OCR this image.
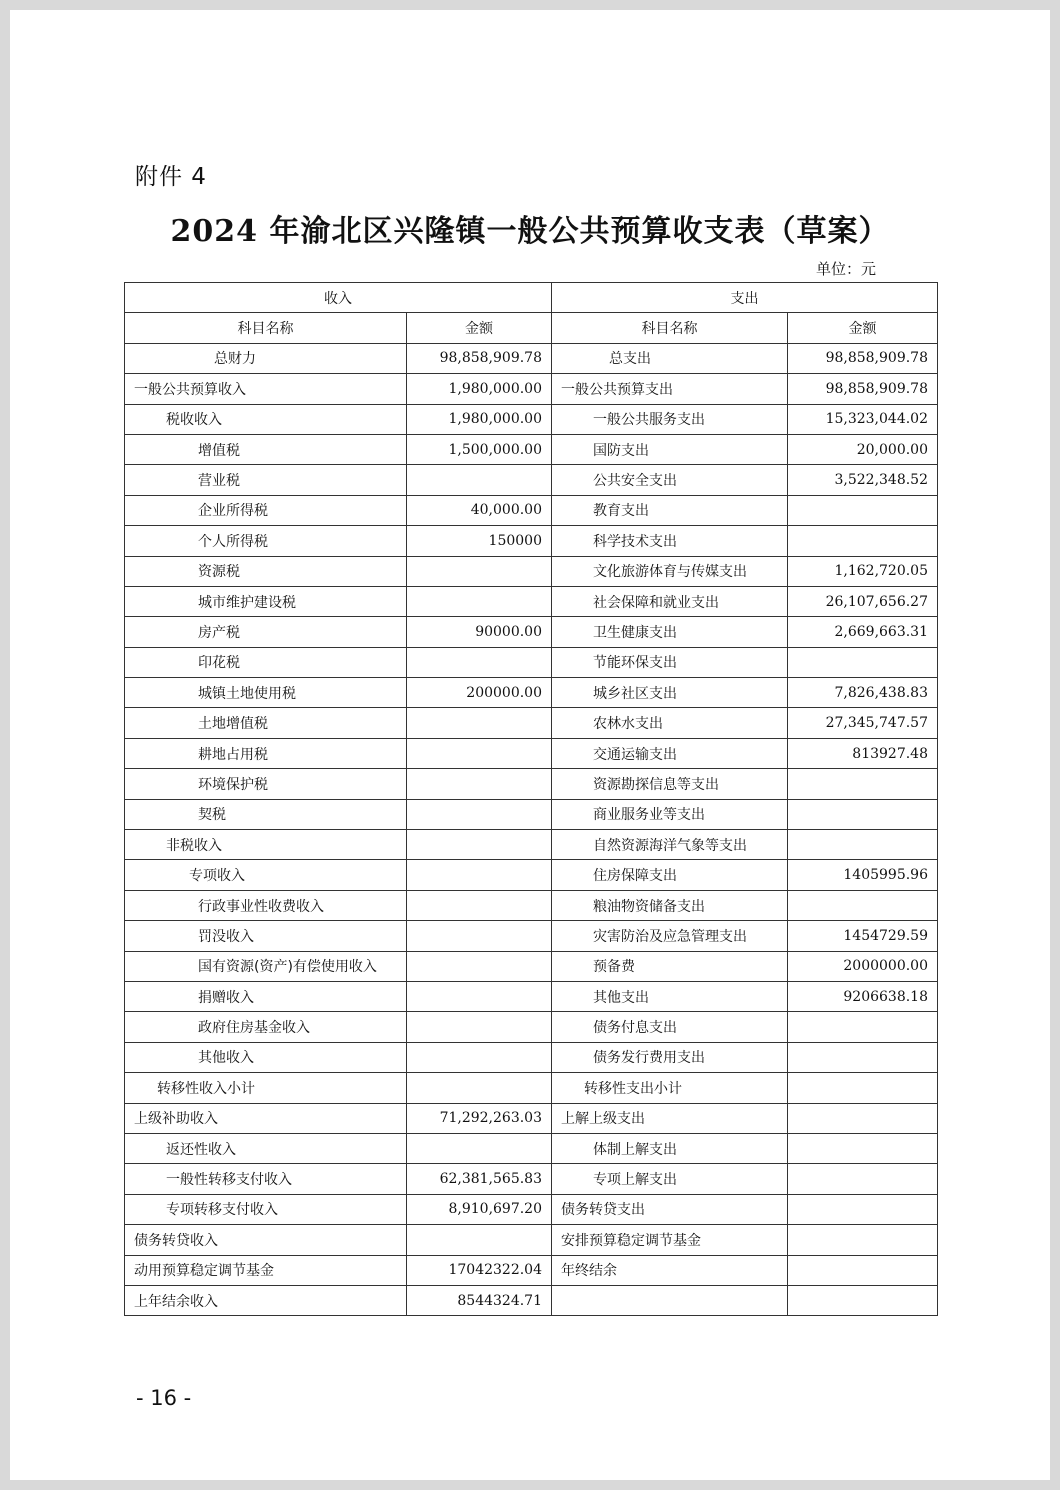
附件 4
2024 年渝北区兴隆镇一般公共预算收支表（草案）
单位：元
收入		支出	
科目名称	金额	科目名称	金额
总财力	98,858,909.78	总支出	98,858,909.78
一般公共预算收入	1,980,000.00	一般公共预算支出	98,858,909.78
税收收入	1,980,000.00	一般公共服务支出	15,323,044.02
增值税	1,500,000.00	国防支出	20,000.00
营业税		公共安全支出	3,522,348.52
企业所得税	40,000.00	教育支出	
个人所得税	150000	科学技术支出	
资源税		文化旅游体育与传媒支出	1,162,720.05
城市维护建设税		社会保障和就业支出	26,107,656.27
房产税	90000.00	卫生健康支出	2,669,663.31
印花税		节能环保支出	
城镇土地使用税	200000.00	城乡社区支出	7,826,438.83
土地增值税		农林水支出	27,345,747.57
耕地占用税		交通运输支出	813927.48
环境保护税		资源勘探信息等支出	
契税		商业服务业等支出	
非税收入		自然资源海洋气象等支出	
专项收入		住房保障支出	1405995.96
行政事业性收费收入		粮油物资储备支出	
罚没收入		灾害防治及应急管理支出	1454729.59
国有资源(资产)有偿使用收入		预备费	2000000.00
捐赠收入		其他支出	9206638.18
政府住房基金收入		债务付息支出	
其他收入		债务发行费用支出	
转移性收入小计		转移性支出小计	
上级补助收入	71,292,263.03	上解上级支出	
返还性收入		体制上解支出	
一般性转移支付收入	62,381,565.83	专项上解支出	
专项转移支付收入	8,910,697.20	债务转贷支出	
债务转贷收入		安排预算稳定调节基金	
动用预算稳定调节基金	17042322.04	年终结余	
上年结余收入	8544324.71		
- 16 -
